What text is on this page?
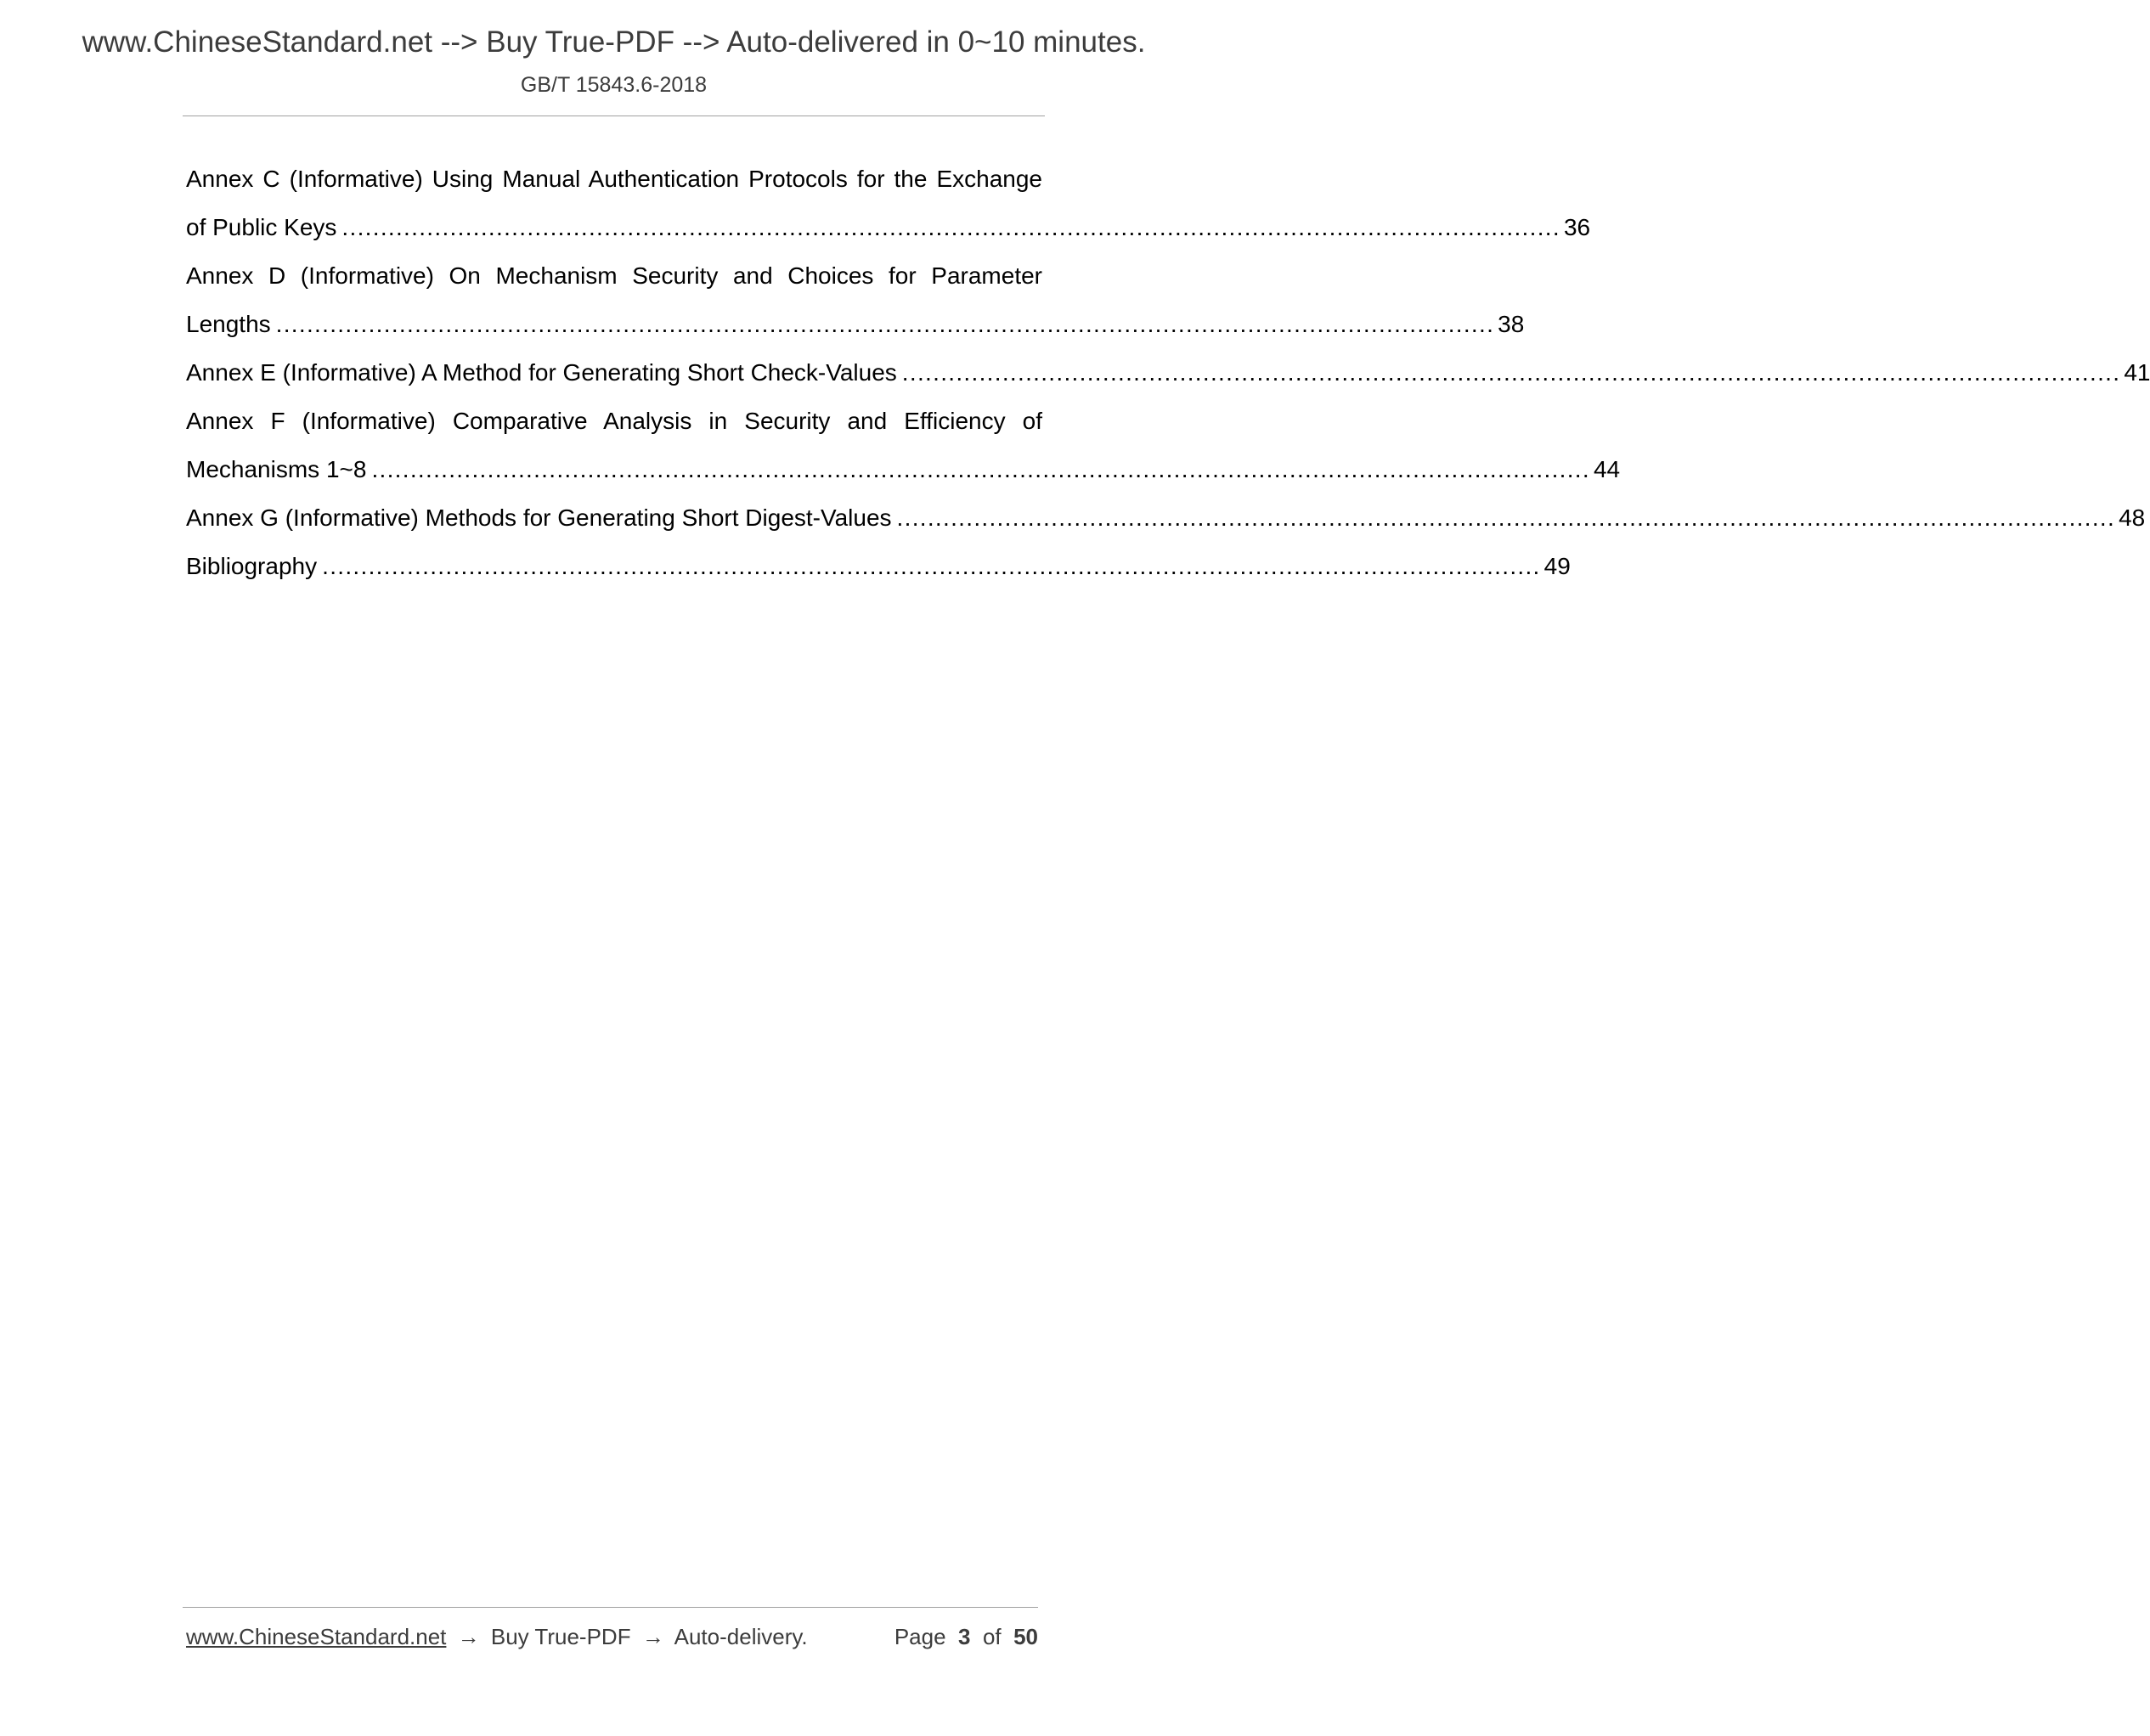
www.ChineseStandard.net --> Buy True-PDF --> Auto-delivered in 0~10 minutes.
GB/T 15843.6-2018
Annex C (Informative) Using Manual Authentication Protocols for the Exchange
of Public Keys .............................................................................................................................................................. 36
Annex D (Informative) On Mechanism Security and Choices for Parameter
Lengths .............................................................................................................................................................. 38
Annex E (Informative) A Method for Generating Short Check-Values .............................................................................................................................................................. 41
Annex F (Informative) Comparative Analysis in Security and Efficiency of
Mechanisms 1~8 .............................................................................................................................................................. 44
Annex G (Informative) Methods for Generating Short Digest-Values .............................................................................................................................................................. 48
Bibliography .............................................................................................................................................................. 49
www.ChineseStandard.net → Buy True-PDF → Auto-delivery.	Page 3 of 50
